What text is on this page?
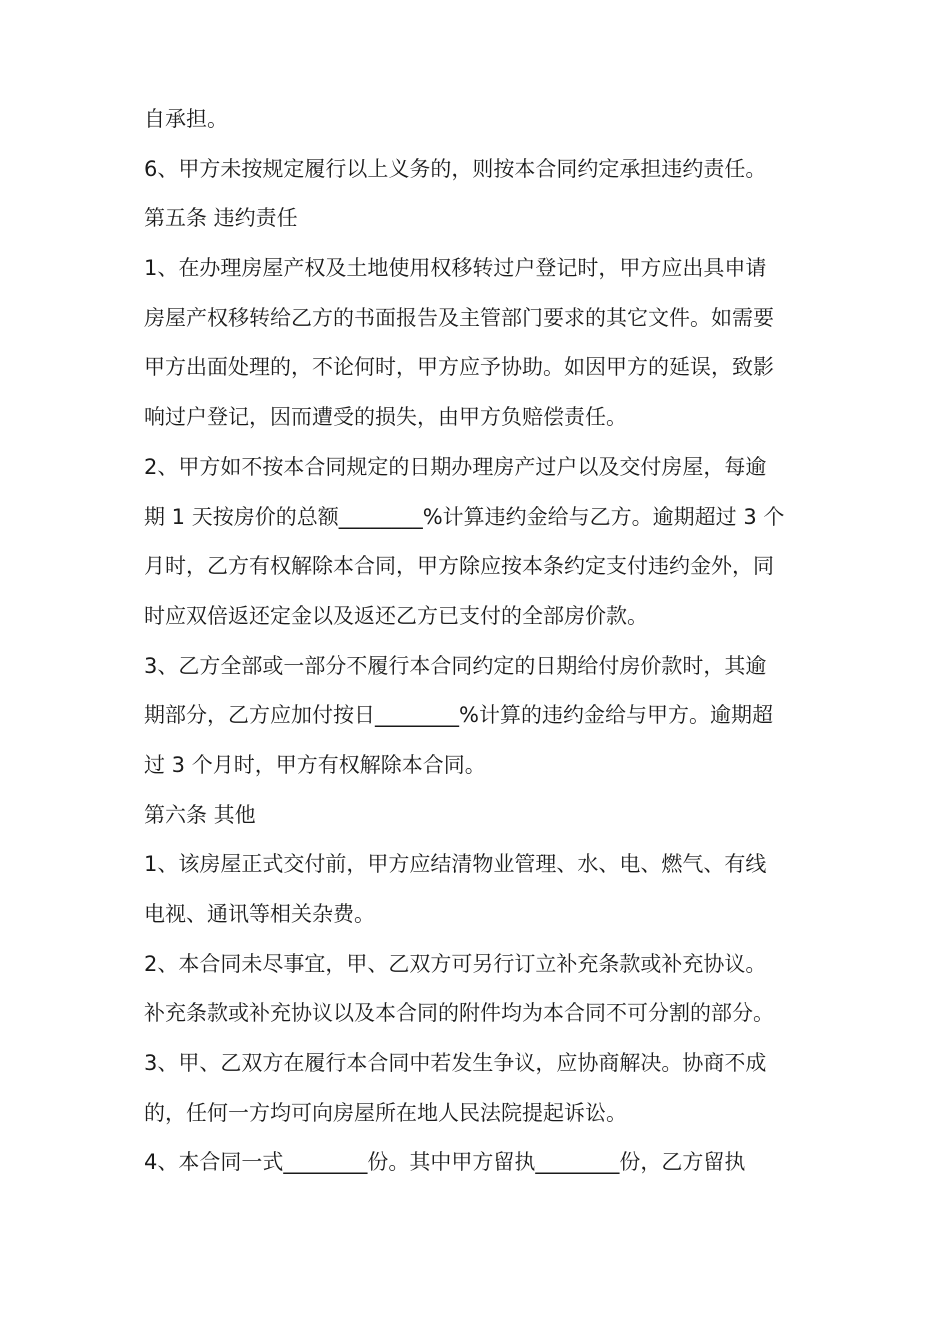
自承担。
6、甲方未按规定履行以上义务的，则按本合同约定承担违约责任。
第五条 违约责任
1、在办理房屋产权及土地使用权移转过户登记时，甲方应出具申请
房屋产权移转给乙方的书面报告及主管部门要求的其它文件。如需要
甲方出面处理的，不论何时，甲方应予协助。如因甲方的延误，致影
响过户登记，因而遭受的损失，由甲方负赔偿责任。
2、甲方如不按本合同规定的日期办理房产过户以及交付房屋，每逾
期 1 天按房价的总额________%计算违约金给与乙方。逾期超过 3 个
月时，乙方有权解除本合同，甲方除应按本条约定支付违约金外，同
时应双倍返还定金以及返还乙方已支付的全部房价款。
3、乙方全部或一部分不履行本合同约定的日期给付房价款时，其逾
期部分，乙方应加付按日________%计算的违约金给与甲方。逾期超
过 3 个月时，甲方有权解除本合同。
第六条 其他
1、该房屋正式交付前，甲方应结清物业管理、水、电、燃气、有线
电视、通讯等相关杂费。
2、本合同未尽事宜，甲、乙双方可另行订立补充条款或补充协议。
补充条款或补充协议以及本合同的附件均为本合同不可分割的部分。
3、甲、乙双方在履行本合同中若发生争议，应协商解决。协商不成
的，任何一方均可向房屋所在地人民法院提起诉讼。
4、本合同一式________份。其中甲方留执________份，乙方留执
